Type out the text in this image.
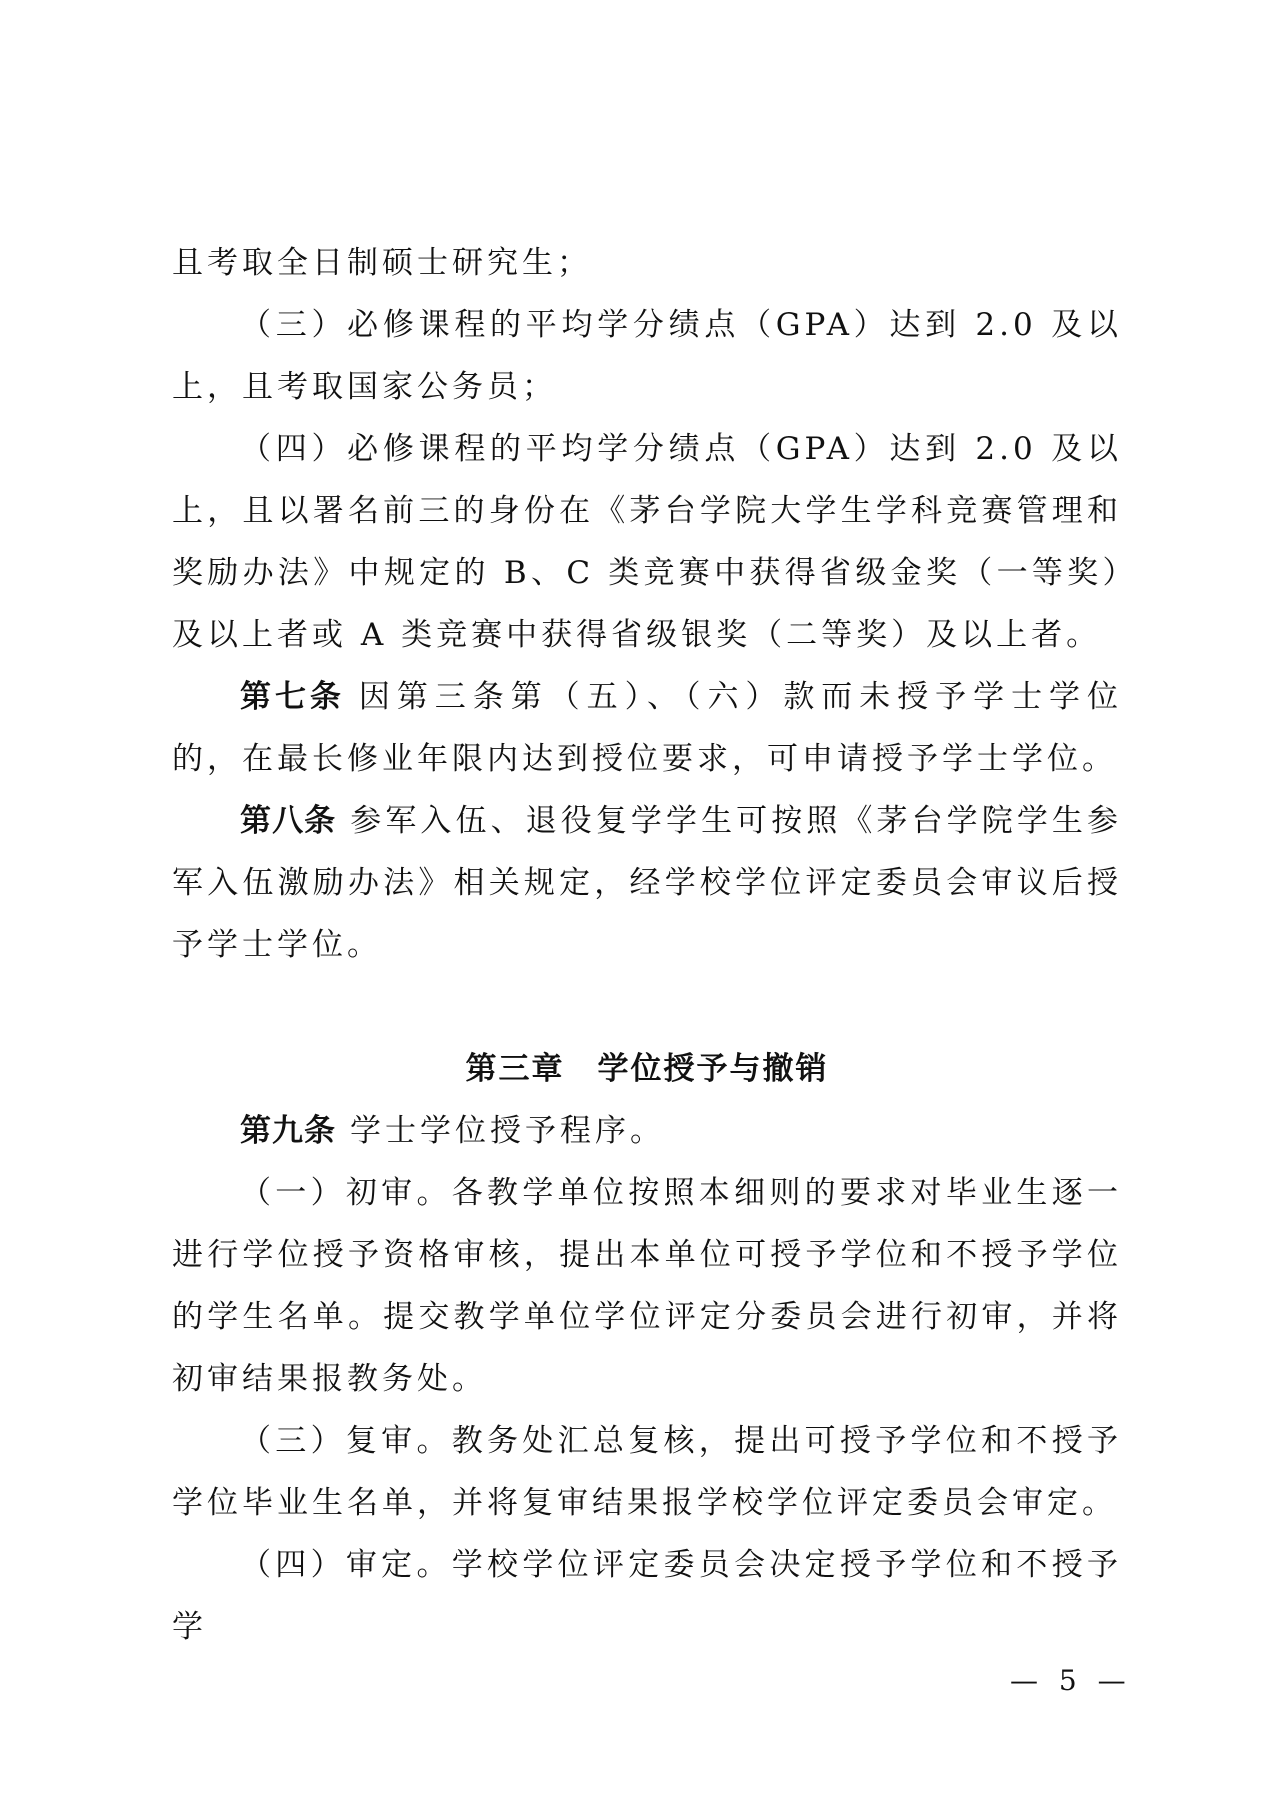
且考取全日制硕士研究生；

（三）必修课程的平均学分绩点（GPA）达到 2.0 及以上，且考取国家公务员；

（四）必修课程的平均学分绩点（GPA）达到 2.0 及以上，且以署名前三的身份在《茅台学院大学生学科竞赛管理和奖励办法》中规定的 B、C 类竞赛中获得省级金奖（一等奖）及以上者或 A 类竞赛中获得省级银奖（二等奖）及以上者。

第七条 因第三条第（五）、（六）款而未授予学士学位的，在最长修业年限内达到授位要求，可申请授予学士学位。

第八条 参军入伍、退役复学学生可按照《茅台学院学生参军入伍激励办法》相关规定，经学校学位评定委员会审议后授予学士学位。

第三章　学位授予与撤销

第九条 学士学位授予程序。

（一）初审。各教学单位按照本细则的要求对毕业生逐一进行学位授予资格审核，提出本单位可授予学位和不授予学位的学生名单。提交教学单位学位评定分委员会进行初审，并将初审结果报教务处。

（三）复审。教务处汇总复核，提出可授予学位和不授予学位毕业生名单，并将复审结果报学校学位评定委员会审定。

（四）审定。学校学位评定委员会决定授予学位和不授予学

— 5 —
